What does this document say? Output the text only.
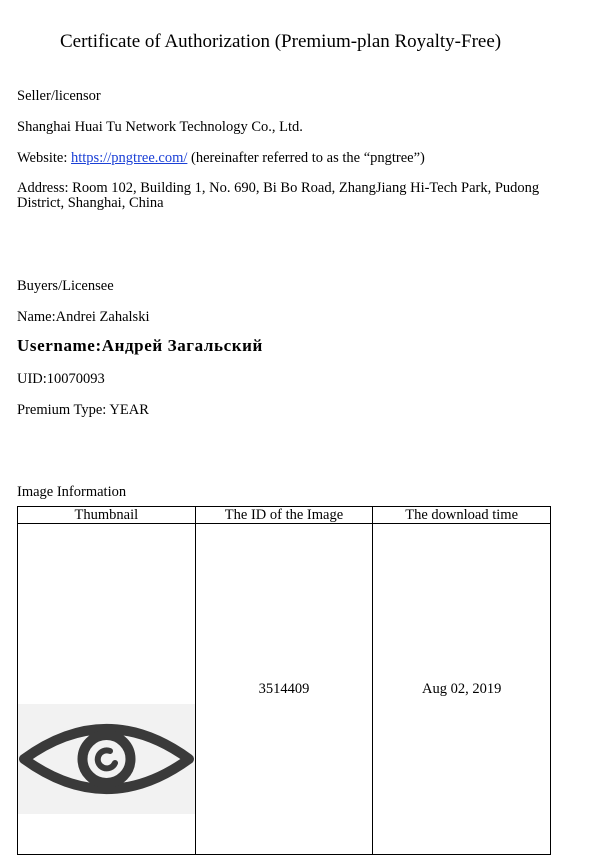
Certificate of Authorization (Premium-plan Royalty-Free)
Seller/licensor
Shanghai Huai Tu Network Technology Co., Ltd.
Website: https://pngtree.com/ (hereinafter referred to as the “pngtree”)
Address: Room 102, Building 1, No. 690, Bi Bo Road, ZhangJiang Hi-Tech Park, Pudong District, Shanghai, China
Buyers/Licensee
Name:Andrei Zahalski
Username:Андрей Загальский
UID:10070093
Premium Type: YEAR
Image Information
Thumbnail	The ID of the Image	The download time

	3514409	Aug 02, 2019
